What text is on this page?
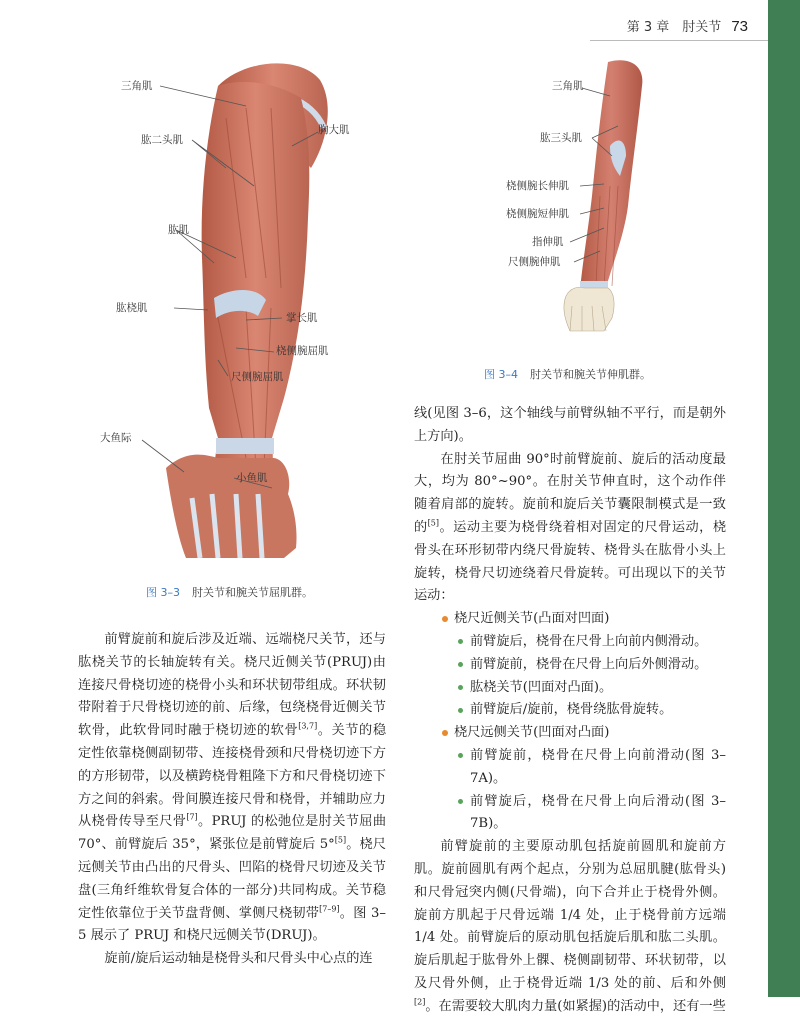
第 3 章　肘关节 73
三角肌
肱二头肌
胸大肌
肱肌
肱桡肌
掌长肌
桡侧腕屈肌
尺侧腕屈肌
大鱼际
小鱼肌
图 3–3 肘关节和腕关节屈肌群。
三角肌
肱三头肌
桡侧腕长伸肌
桡侧腕短伸肌
指伸肌
尺侧腕伸肌
图 3–4 肘关节和腕关节伸肌群。

前臂旋前和旋后涉及近端、远端桡尺关节，还与肱桡关节的长轴旋转有关。桡尺近侧关节(PRUJ)由连接尺骨桡切迹的桡骨小头和环状韧带组成。环状韧带附着于尺骨桡切迹的前、后缘，包绕桡骨近侧关节软骨，此软骨同时融于桡切迹的软骨[3,7]。关节的稳定性依靠桡侧副韧带、连接桡骨颈和尺骨桡切迹下方的方形韧带，以及横跨桡骨粗隆下方和尺骨桡切迹下方之间的斜索。骨间膜连接尺骨和桡骨，并辅助应力从桡骨传导至尺骨[7]。PRUJ 的松弛位是肘关节屈曲 70°、前臂旋后 35°，紧张位是前臂旋后 5°[5]。桡尺远侧关节由凸出的尺骨头、凹陷的桡骨尺切迹及关节盘(三角纤维软骨复合体的一部分)共同构成。关节稳定性依靠位于关节盘背侧、掌侧尺桡韧带[7–9]。图 3–5 展示了 PRUJ 和桡尺远侧关节(DRUJ)。

旋前/旋后运动轴是桡骨头和尺骨头中心点的连

线(见图 3–6，这个轴线与前臂纵轴不平行，而是朝外上方向)。

在肘关节屈曲 90°时前臂旋前、旋后的活动度最大，均为 80°~90°。在肘关节伸直时，这个动作伴随着肩部的旋转。旋前和旋后关节囊限制模式是一致的[5]。运动主要为桡骨绕着相对固定的尺骨运动，桡骨头在环形韧带内绕尺骨旋转、桡骨头在肱骨小头上旋转，桡骨尺切迹绕着尺骨旋转。可出现以下的关节运动：

桡尺近侧关节(凸面对凹面)

前臂旋后，桡骨在尺骨上向前内侧滑动。

前臂旋前，桡骨在尺骨上向后外侧滑动。

肱桡关节(凹面对凸面)。

前臂旋后/旋前，桡骨绕肱骨旋转。

桡尺远侧关节(凹面对凸面)

前臂旋前，桡骨在尺骨上向前滑动(图 3–7A)。

前臂旋后，桡骨在尺骨上向后滑动(图 3–7B)。

前臂旋前的主要原动肌包括旋前圆肌和旋前方肌。旋前圆肌有两个起点，分别为总屈肌腱(肱骨头)和尺骨冠突内侧(尺骨端)，向下合并止于桡骨外侧。旋前方肌起于尺骨远端 1/4 处，止于桡骨前方远端 1/4 处。前臂旋后的原动肌包括旋后肌和肱二头肌。旋后肌起于肱骨外上髁、桡侧副韧带、环状韧带，以及尺骨外侧，止于桡骨近端 1/3 处的前、后和外侧[2]。在需要较大肌肉力量(如紧握)的活动中，还有一些
